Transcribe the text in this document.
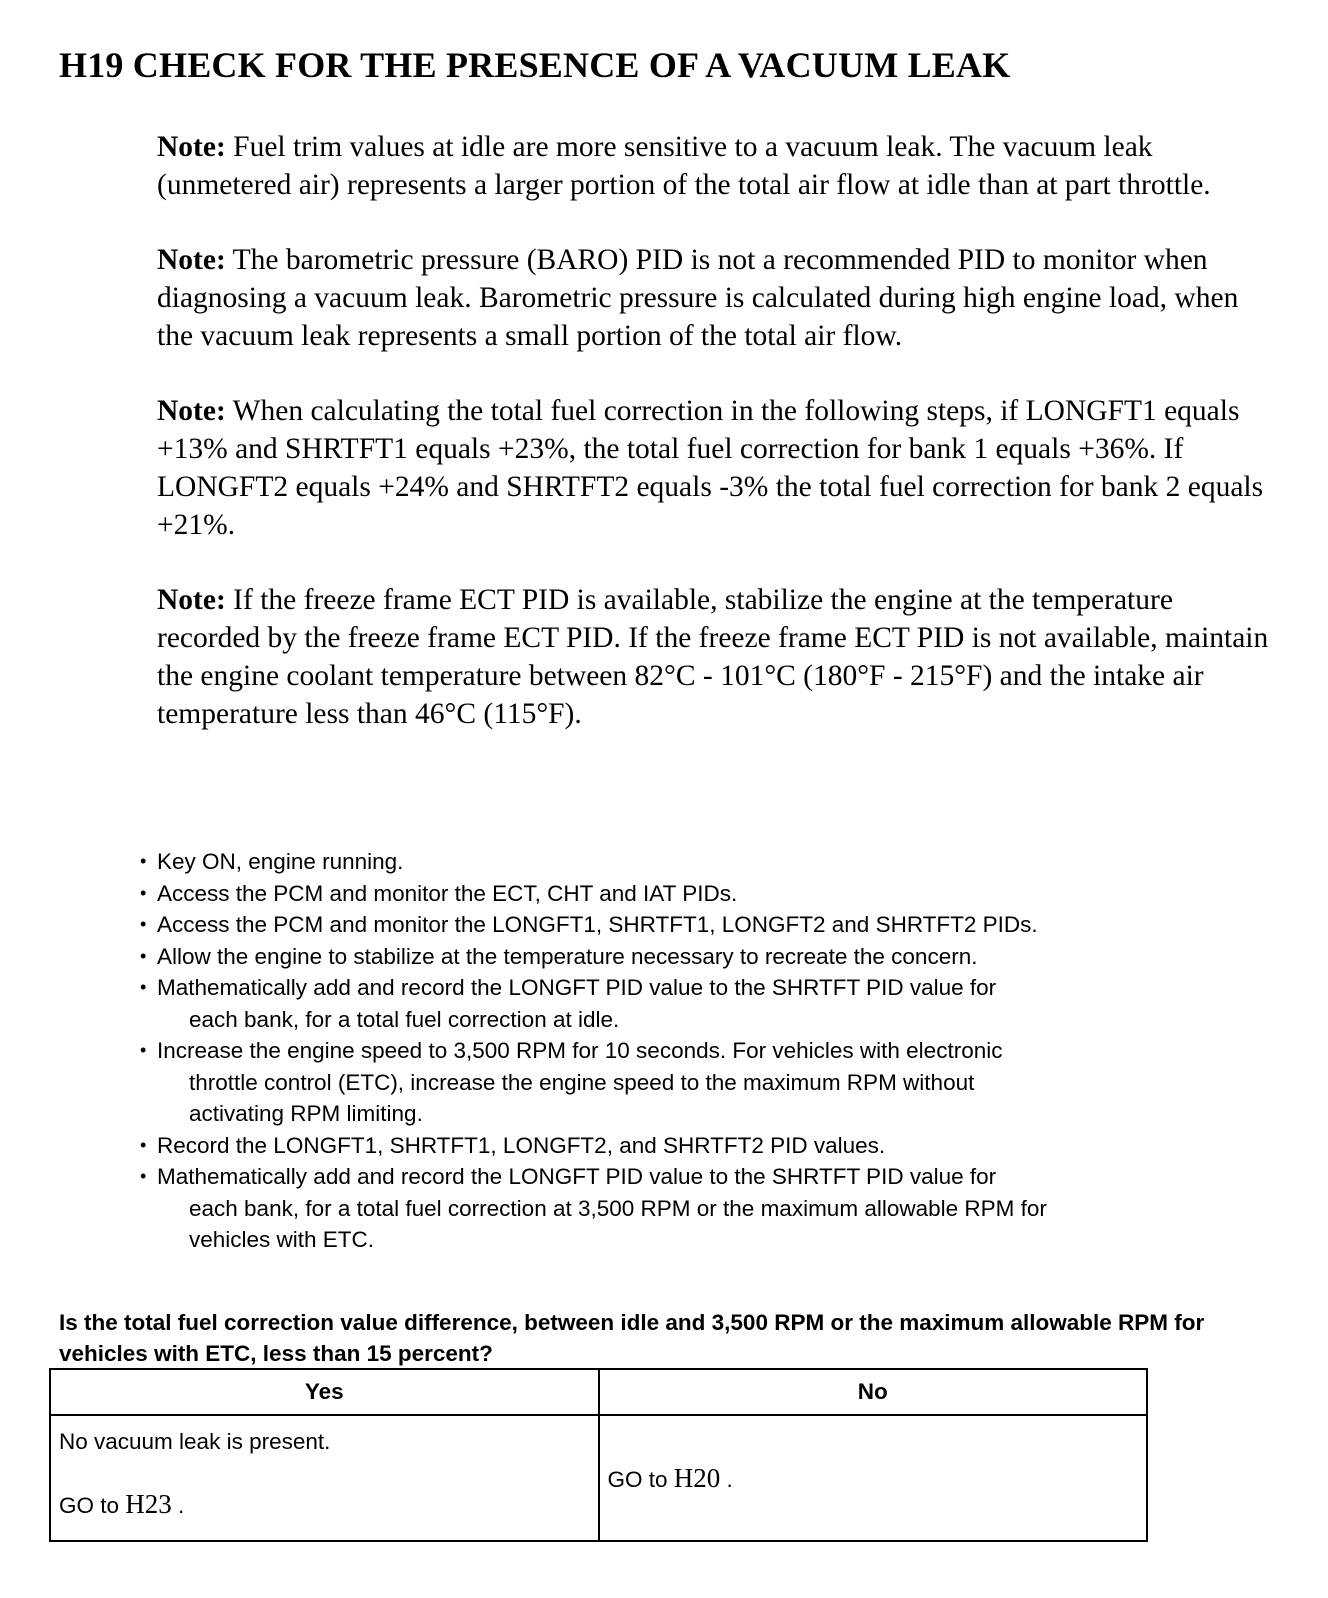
H19 CHECK FOR THE PRESENCE OF A VACUUM LEAK

Note: Fuel trim values at idle are more sensitive to a vacuum leak. The vacuum leak (unmetered air) represents a larger portion of the total air flow at idle than at part throttle.

Note: The barometric pressure (BARO) PID is not a recommended PID to monitor when diagnosing a vacuum leak. Barometric pressure is calculated during high engine load, when the vacuum leak represents a small portion of the total air flow.

Note: When calculating the total fuel correction in the following steps, if LONGFT1 equals +13% and SHRTFT1 equals +23%, the total fuel correction for bank 1 equals +36%. If LONGFT2 equals +24% and SHRTFT2 equals -3% the total fuel correction for bank 2 equals +21%.

Note: If the freeze frame ECT PID is available, stabilize the engine at the temperature recorded by the freeze frame ECT PID. If the freeze frame ECT PID is not available, maintain the engine coolant temperature between 82°C - 101°C (180°F - 215°F) and the intake air temperature less than 46°C (115°F).

• Key ON, engine running.
• Access the PCM and monitor the ECT, CHT and IAT PIDs.
• Access the PCM and monitor the LONGFT1, SHRTFT1, LONGFT2 and SHRTFT2 PIDs.
• Allow the engine to stabilize at the temperature necessary to recreate the concern.
• Mathematically add and record the LONGFT PID value to the SHRTFT PID value for
each bank, for a total fuel correction at idle.
• Increase the engine speed to 3,500 RPM for 10 seconds. For vehicles with electronic
throttle control (ETC), increase the engine speed to the maximum RPM without
activating RPM limiting.
• Record the LONGFT1, SHRTFT1, LONGFT2, and SHRTFT2 PID values.
• Mathematically add and record the LONGFT PID value to the SHRTFT PID value for
each bank, for a total fuel correction at 3,500 RPM or the maximum allowable RPM for
vehicles with ETC.

Is the total fuel correction value difference, between idle and 3,500 RPM or the maximum allowable RPM for vehicles with ETC, less than 15 percent?

Yes	No

No vacuum leak is present.
GO to H23 .	GO to H20 .
